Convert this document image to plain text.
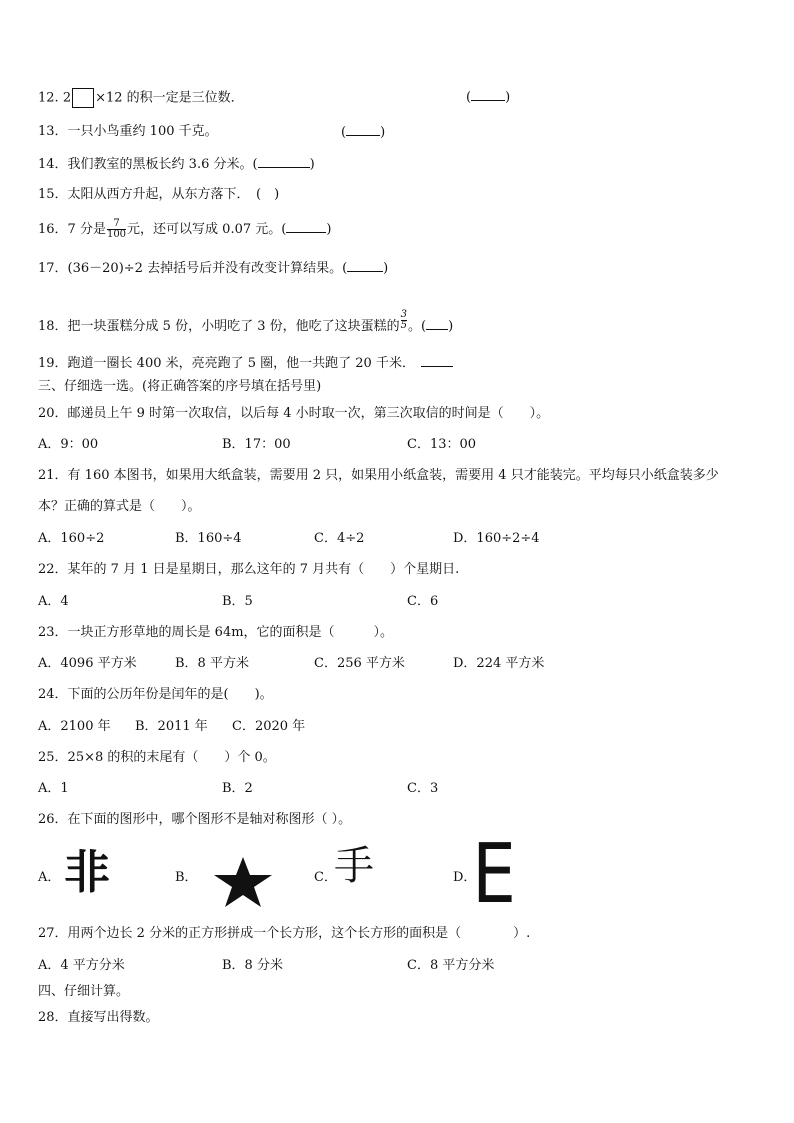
12. 2 ×12 的积一定是三位数．	(	)
13．一只小鸟重约 100 千克。	(	)
14．我们教室的黑板长约 3.6 分米。(	)
15．太阳从西方升起，从东方落下．　(　)
16．7 分是 $\frac{7}{100}$ 元，还可以写成 0.07 元。(	)
17．(36－20)÷2 去掉括号后并没有改变计算结果。(	)
18．把一块蛋糕分成 5 份，小明吃了 3 份，他吃了这块蛋糕的 $\frac{3}{5}$ 。( )
19．跑道一圈长 400 米，亮亮跑了 5 圈，他一共跑了 20 千米．
三、仔细选一选。(将正确答案的序号填在括号里)
20．邮递员上午 9 时第一次取信，以后每 4 小时取一次，第三次取信的时间是（　　）。
A．9：00	B．17：00	C．13：00
21．有 160 本图书，如果用大纸盒装，需要用 2 只，如果用小纸盒装，需要用 4 只才能装完。平均每只小纸盒装多少
本？正确的算式是（　　）。
A．160÷2	B．160÷4	C．4÷2	D．160÷2÷4
22．某年的 7 月 1 日是星期日，那么这年的 7 月共有（　　）个星期日.
A．4	B．5	C．6
23．一块正方形草地的周长是 64m，它的面积是（　　　）。
A．4096 平方米	B．8 平方米	C．256 平方米	D．224 平方米
24．下面的公历年份是闰年的是(　　)。
A．2100 年 B．2011 年 C．2020 年
25．25×8 的积的末尾有（　　）个 0。
A．1	B．2	C．3
26．在下面的图形中，哪个图形不是轴对称图形（ ）。
A． 非	B．	C．
手	D．
E
27．用两个边长 2 分米的正方形拼成一个长方形，这个长方形的面积是（　　　　）.
A．4 平方分米	B．8 分米	C．8 平方分米
四、仔细计算。
28．直接写出得数。
